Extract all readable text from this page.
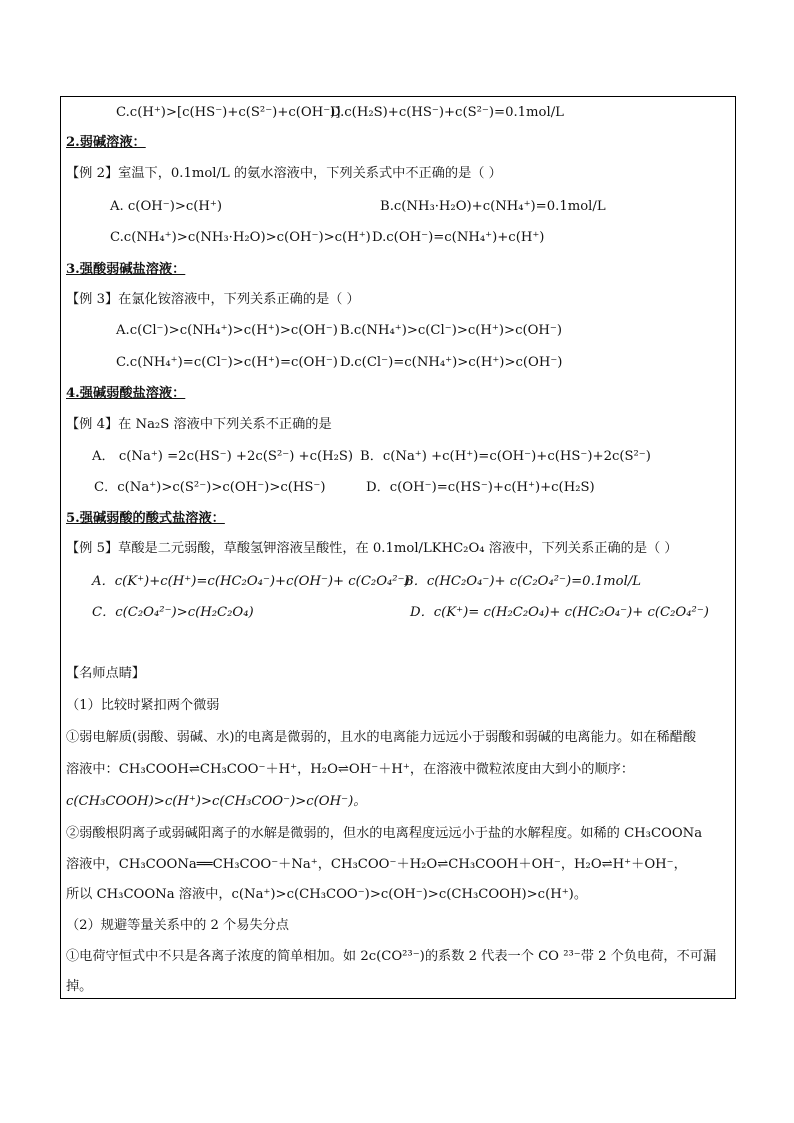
C.c(H⁺)>[c(HS⁻)+c(S²⁻)+c(OH⁻)]
D.c(H₂S)+c(HS⁻)+c(S²⁻)=0.1mol/L
2.弱碱溶液：
【例 2】室温下，0.1mol/L 的氨水溶液中，下列关系式中不正确的是（ ）
A. c(OH⁻)>c(H⁺)	B.c(NH₃·H₂O)+c(NH₄⁺)=0.1mol/L
C.c(NH₄⁺)>c(NH₃·H₂O)>c(OH⁻)>c(H⁺) D.c(OH⁻)=c(NH₄⁺)+c(H⁺)
3.强酸弱碱盐溶液：
【例 3】在氯化铵溶液中，下列关系正确的是（ ）
A.c(Cl⁻)>c(NH₄⁺)>c(H⁺)>c(OH⁻) B.c(NH₄⁺)>c(Cl⁻)>c(H⁺)>c(OH⁻)
C.c(NH₄⁺)=c(Cl⁻)>c(H⁺)=c(OH⁻) D.c(Cl⁻)=c(NH₄⁺)>c(H⁺)>c(OH⁻)
4.强碱弱酸盐溶液：
【例 4】在 Na₂S 溶液中下列关系不正确的是
A． c(Na⁺) =2c(HS⁻) +2c(S²⁻) +c(H₂S) B．c(Na⁺) +c(H⁺)=c(OH⁻)+c(HS⁻)+2c(S²⁻)
C．c(Na⁺)>c(S²⁻)>c(OH⁻)>c(HS⁻)	D．c(OH⁻)=c(HS⁻)+c(H⁺)+c(H₂S)
5.强碱弱酸的酸式盐溶液：
【例 5】草酸是二元弱酸，草酸氢钾溶液呈酸性，在 0.1mol/LKHC₂O₄ 溶液中，下列关系正确的是（ ）
A．c(K⁺)+c(H⁺)=c(HC₂O₄⁻)+c(OH⁻)+ c(C₂O₄²⁻)
B．c(HC₂O₄⁻)+ c(C₂O₄²⁻)=0.1mol/L
C．c(C₂O₄²⁻)>c(H₂C₂O₄)	D．c(K⁺)= c(H₂C₂O₄)+ c(HC₂O₄⁻)+ c(C₂O₄²⁻)
【名师点睛】
（1）比较时紧扣两个微弱
①弱电解质(弱酸、弱碱、水)的电离是微弱的，且水的电离能力远远小于弱酸和弱碱的电离能力。如在稀醋酸
溶液中：CH₃COOH⇌CH₃COO⁻＋H⁺，H₂O⇌OH⁻＋H⁺，在溶液中微粒浓度由大到小的顺序：
c(CH₃COOH)>c(H⁺)>c(CH₃COO⁻)>c(OH⁻)。
②弱酸根阴离子或弱碱阳离子的水解是微弱的，但水的电离程度远远小于盐的水解程度。如稀的 CH₃COONa
溶液中，CH₃COONa══CH₃COO⁻＋Na⁺，CH₃COO⁻＋H₂O⇌CH₃COOH＋OH⁻，H₂O⇌H⁺＋OH⁻，
所以 CH₃COONa 溶液中，c(Na⁺)>c(CH₃COO⁻)>c(OH⁻)>c(CH₃COOH)>c(H⁺)。
（2）规避等量关系中的 2 个易失分点
①电荷守恒式中不只是各离子浓度的简单相加。如 2c(CO²³⁻)的系数 2 代表一个 CO ²³⁻带 2 个负电荷，不可漏
掉。
